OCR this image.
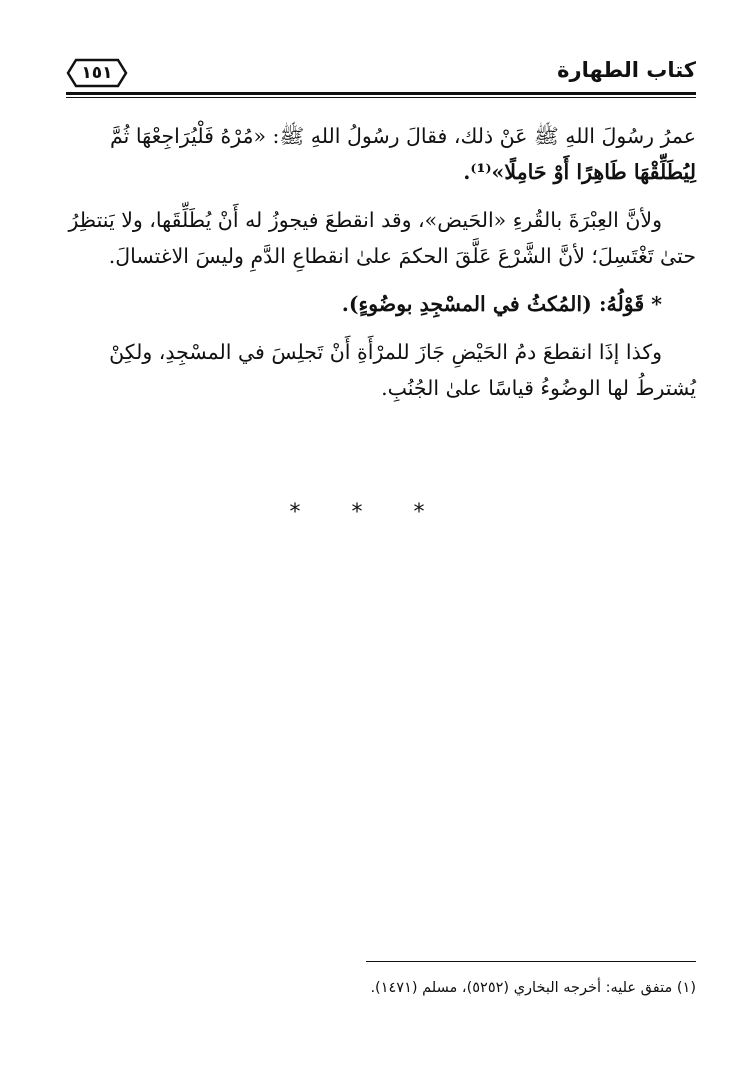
كتاب الطهارة
١٥١
عمرُ رسُولَ اللهِ ﷺ عَنْ ذلك، فقالَ رسُولُ اللهِ ﷺ: «مُرْهُ فَلْيُرَاجِعْهَا ثُمَّ
لِيُطَلِّقْهَا طَاهِرًا أَوْ حَامِلًا»⁽¹⁾.
ولأنَّ العِبْرَةَ بالقُرءِ «الحَيض»، وقد انقطعَ فيجوزُ له أَنْ يُطَلِّقَها، ولا يَنتظِرُ
حتىٰ تَغْتَسِلَ؛ لأنَّ الشَّرْعَ عَلَّقَ الحكمَ علىٰ انقطاعِ الدَّمِ وليسَ الاغتسالَ.
* قَوْلُهُ: (المُكثُ في المسْجِدِ بوضُوءٍ).
وكذا إذَا انقطعَ دمُ الحَيْضِ جَازَ للمرْأَةِ أَنْ تَجلِسَ في المسْجِدِ، ولكِنْ
يُشترطُ لها الوضُوءُ قياسًا علىٰ الجُنُبِ.
* * *
(١) متفق عليه: أخرجه البخاري (٥٢٥٢)، مسلم (١٤٧١).
